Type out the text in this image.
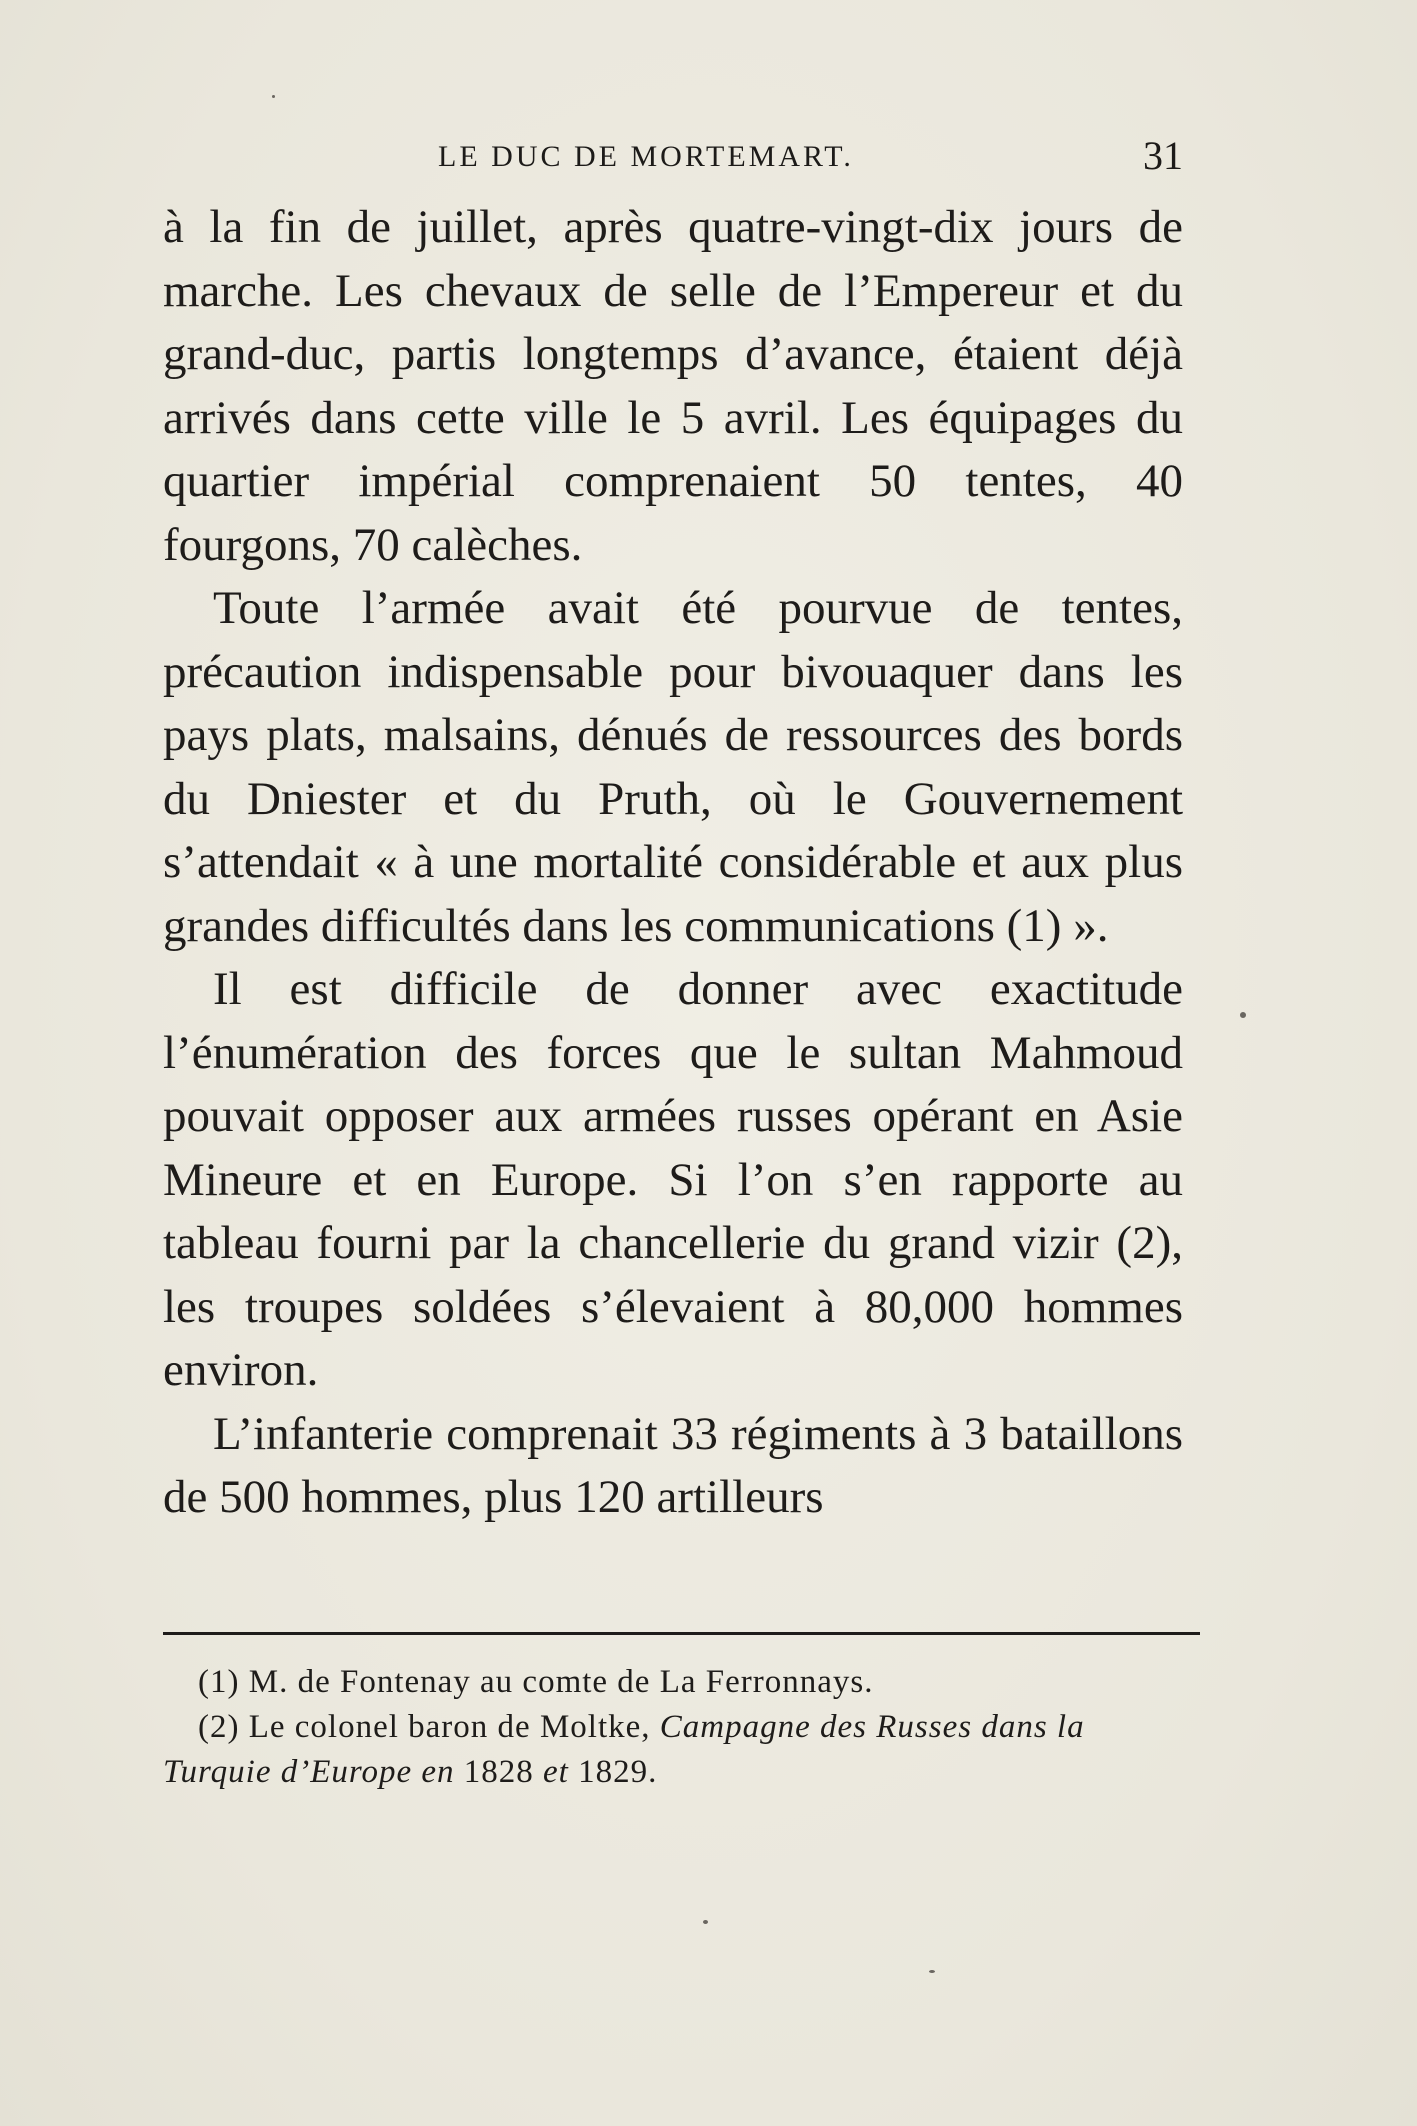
LE DUC DE MORTEMART.	31

à la fin de juillet, après quatre-vingt-dix jours de marche. Les chevaux de selle de l’Empereur et du grand-duc, partis longtemps d’avance, étaient déjà arrivés dans cette ville le 5 avril. Les équipages du quartier impérial comprenaient 50 tentes, 40 fourgons, 70 calèches.

Toute l’armée avait été pourvue de tentes, précaution indispensable pour bivouaquer dans les pays plats, malsains, dénués de ressources des bords du Dniester et du Pruth, où le Gouvernement s’attendait « à une mortalité considérable et aux plus grandes difficultés dans les communications (1) ».

Il est difficile de donner avec exactitude l’énumération des forces que le sultan Mahmoud pouvait opposer aux armées russes opérant en Asie Mineure et en Europe. Si l’on s’en rapporte au tableau fourni par la chancellerie du grand vizir (2), les troupes soldées s’élevaient à 80,000 hommes environ.

L’infanterie comprenait 33 régiments à 3 bataillons de 500 hommes, plus 120 artilleurs

(1) M. de Fontenay au comte de La Ferronnays.

(2) Le colonel baron de Moltke, Campagne des Russes dans la Turquie d’Europe en 1828 et 1829.
